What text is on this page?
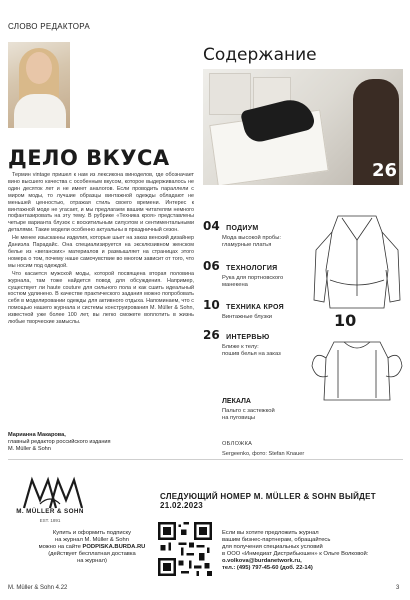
СЛОВО РЕДАКТОРА
ДЕЛО ВКУСА

Термин vintage пришел к нам из лексикона виноделов, где обозначает вино высшего качества с особенным вкусом, которое выдерживалось не один десяток лет и не имеет аналогов. Если проводить параллели с миром моды, то лучшие образцы винтажной одежды обладают не меньшей ценностью, отражая стиль своего времени. Интерес к винтажной моде не угасает, и мы предлагаем вашим читателям немного пофантазировать на эту тему. В рубрике «Техника кроя» представлены четыре варианта блузок с воскитильным силуэтом и сентиментальными деталями. Такие модели особенно актуальны в праздничный сезон.

Не менее изысканны изделия, которые шьет на заказ венский дизайнер Даниэла Парадайс. Она специализируется на эксклюзивном женском белье из «веганских» материалов и размышляет на страницах этого номера о том, почему наше самочувствие во многом зависит от того, что мы носим под одеждой.

Что касается мужской моды, которой посвящена вторая половина журнала, там тоже найдется повод для обсуждения. Например, существует ли haute couture для сильного пола и как сшить идеальный костюм удлинено. В качестве практического задания можно попробовать себя в моделировании одежды для активного отдыха. Напоминаем, что с помощью нашего журнала и системы конструирования M. Müller & Sohn, известной уже более 100 лет, вы легко сможете воплотить в жизнь любые творческие замыслы.

Марианна Макарова,
главный редактор российского издания
M. Müller & Sohn
Содержание
26
04 ПОДИУМ
Мода высокой пробы:
гламурные платья
06 ТЕХНОЛОГИЯ
Рука для портновского
манекена
10 ТЕХНИКА КРОЯ
Винтажные блузки
26 ИНТЕРВЬЮ
Ближе к телу:
пошив белья на заказ
ЛЕКАЛА
Пальто с застежкой
на пуговицы
ОБЛОЖКА
Sergeenko, фото: Stefan Knauer
10
M. MÜLLER & SOHN
EST. 1891
СЛЕДУЮЩИЙ НОМЕР M. MÜLLER & SOHN ВЫЙДЕТ 21.02.2023
Купить и оформить подписку
на журнал M. Müller & Sohn
можно на сайте PODPISKA.BURDA.RU
(действует бесплатная доставка
на журнал)
Если вы хотите предложить журнал
вашим бизнес-партнерам, обращайтесь
для получения специальных условий
в ООО «Инмедиат Дистрибьюшен» к Ольге Волковой:
o.volkova@burdanetwork.ru,
тел.: (495) 797-45-60 (доб. 22-14)
M. Müller & Sohn 4.22	3
